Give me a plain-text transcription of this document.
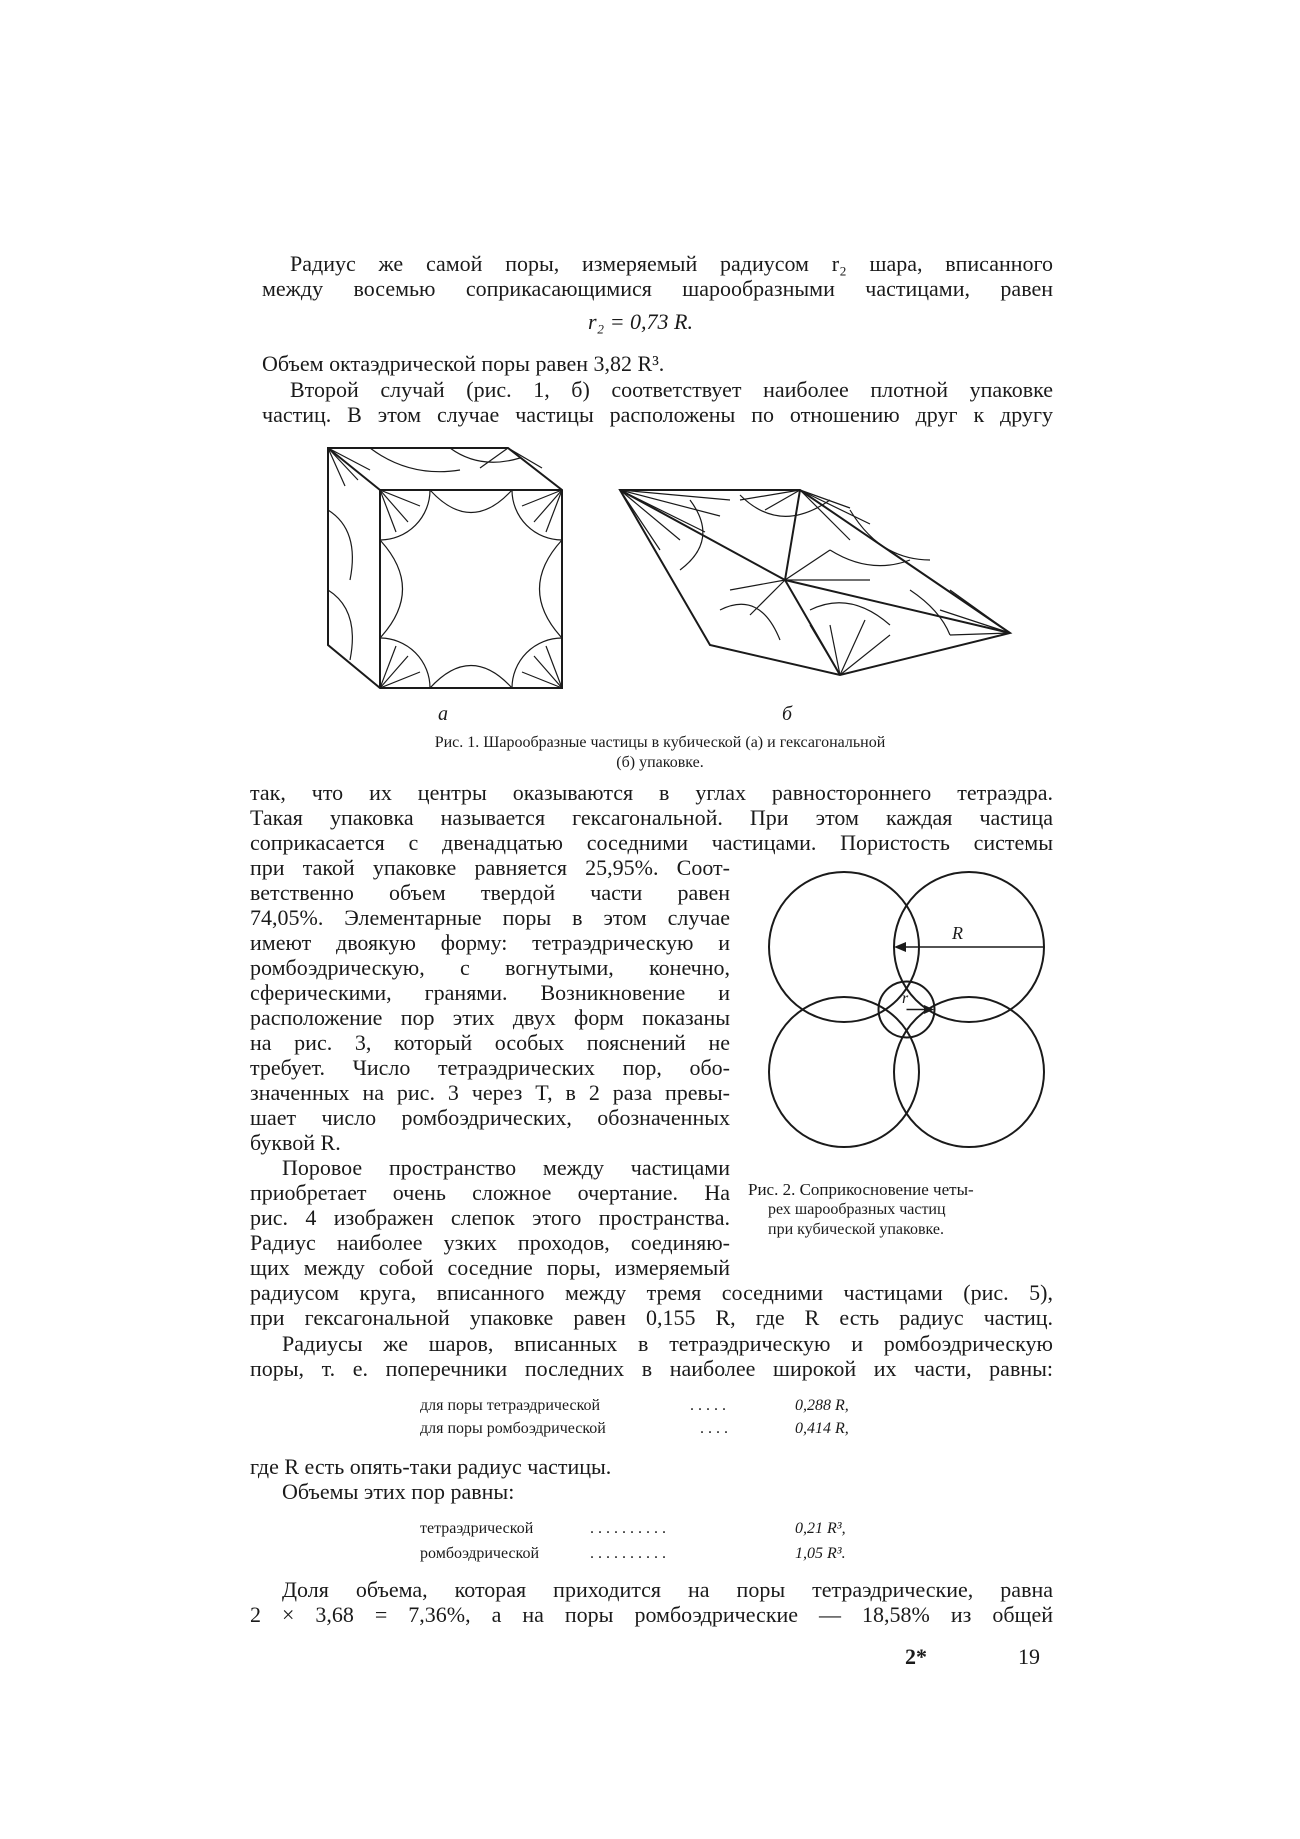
Радиус же самой поры, измеряемый радиусом r₂ шара, вписанного
между восемью соприкасающимися шарообразными частицами, равен
r₂ = 0,73 R.
Объем октаэдрической поры равен 3,82 R³.
Второй случай (рис. 1, б) соответствует наиболее плотной упаковке
частиц. В этом случае частицы расположены по отношению друг к другу
а	б
Рис. 1. Шарообразные частицы в кубической (а) и гексагональной
(б) упаковке.
так, что их центры оказываются в углах равностороннего тетраэдра.
Такая упаковка называется гексагональной. При этом каждая частица
соприкасается с двенадцатью соседними частицами. Пористость системы
при такой упаковке равняется 25,95%. Соот-
ветственно объем твердой части равен
74,05%. Элементарные поры в этом случае
имеют двоякую форму: тетраэдрическую и
ромбоэдрическую, с вогнутыми, конечно,
сферическими, гранями. Возникновение и
расположение пор этих двух форм показаны
на рис. 3, который особых пояснений не
требует. Число тетраэдрических пор, обо-
значенных на рис. 3 через T, в 2 раза превы-
шает число ромбоэдрических, обозначенных
буквой R.
Поровое пространство между частицами
приобретает очень сложное очертание. На
рис. 4 изображен слепок этого пространства.
Радиус наиболее узких проходов, соединяю-
щих между собой соседние поры, измеряемый
R
r
Рис. 2. Соприкосновение четы-
рех шарообразных частиц
при кубической упаковке.
радиусом круга, вписанного между тремя соседними частицами (рис. 5),
при гексагональной упаковке равен 0,155 R, где R есть радиус частиц.
Радиусы же шаров, вписанных в тетраэдрическую и ромбоэдрическую
поры, т. е. поперечники последних в наиболее широкой их части, равны:
для поры тетраэдрической	. . . . .	0,288 R,
для поры ромбоэдрической	. . . .	0,414 R,
где R есть опять-таки радиус частицы.
Объемы этих пор равны:
тетраэдрической	. . . . . . . . . .	0,21 R³,
ромбоэдрической	. . . . . . . . . .	1,05 R³.
Доля объема, которая приходится на поры тетраэдрические, равна
2 × 3,68 = 7,36%, а на поры ромбоэдрические — 18,58% из общей
2*	19
